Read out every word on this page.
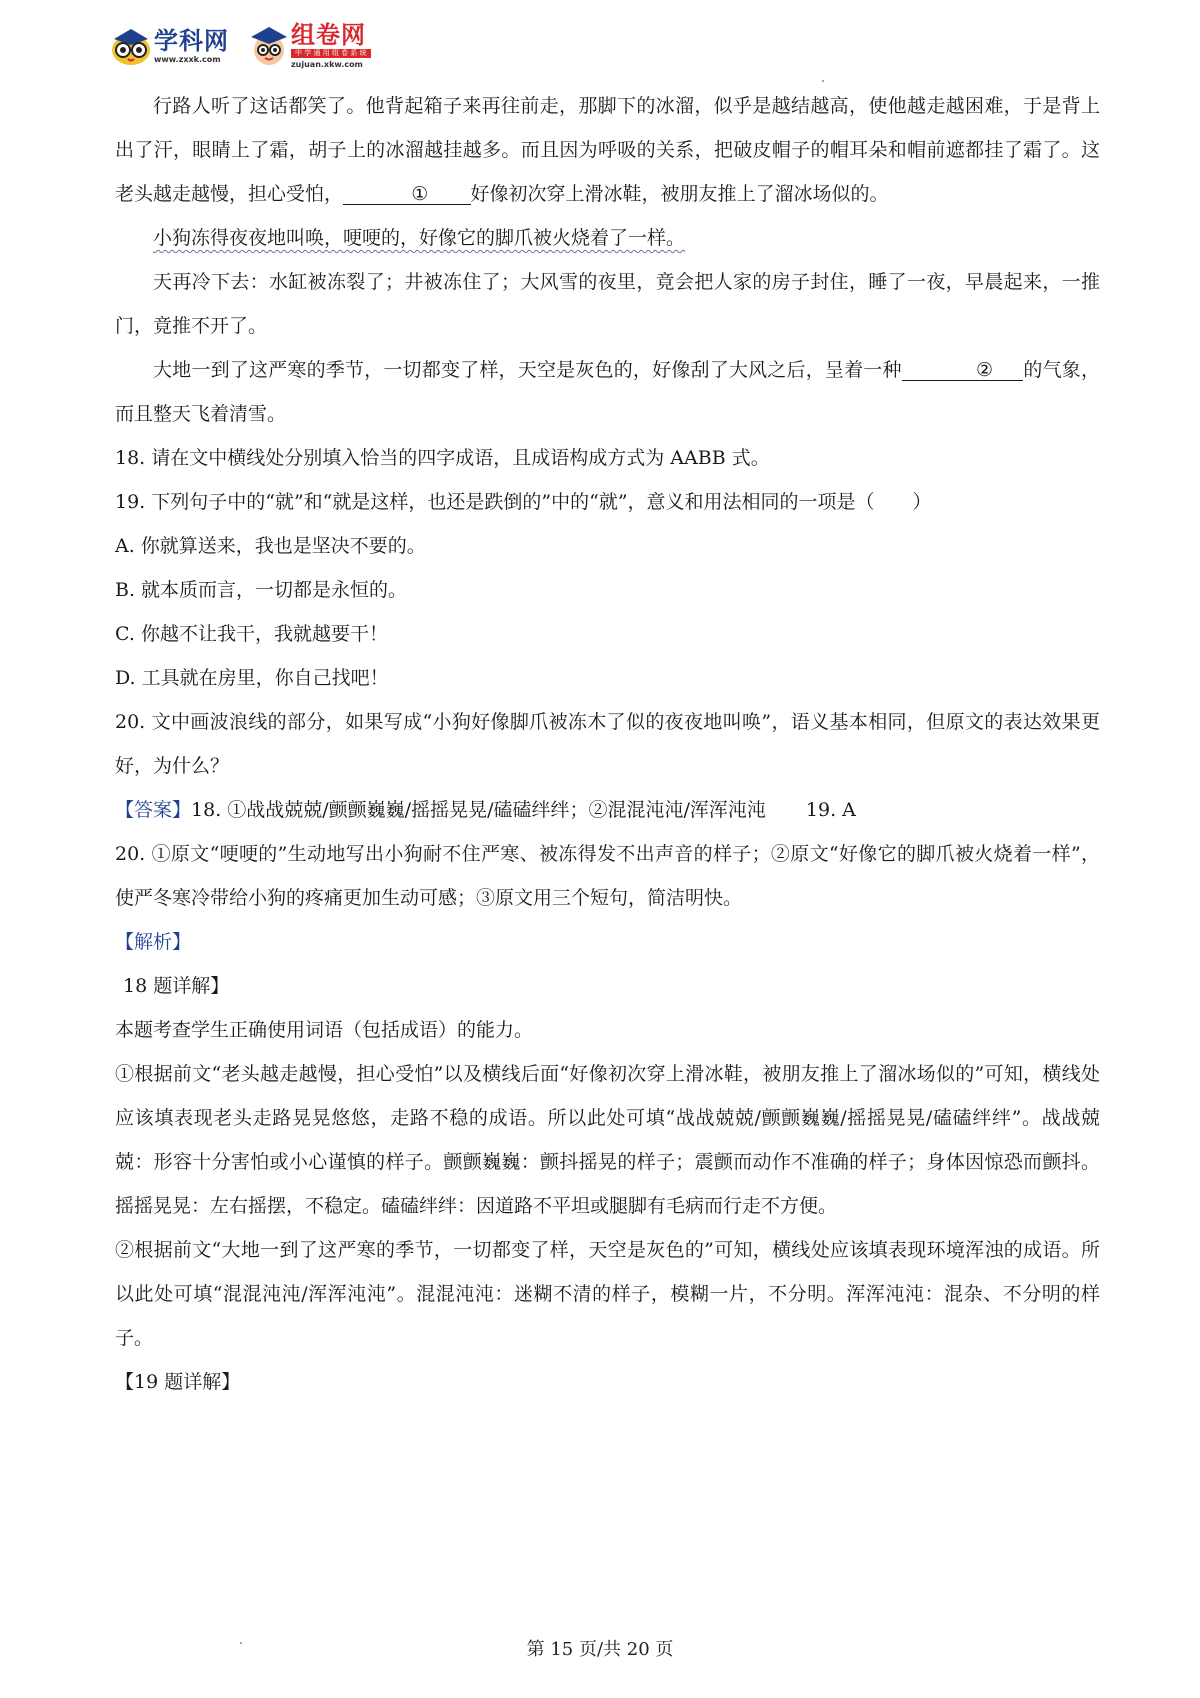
学科网
www.zxxk.com
组卷网
中 学 通 用 组 卷 系 统
zujuan.xkw.com

行路人听了这话都笑了。他背起箱子来再往前走，那脚下的冰溜，似乎是越结越高，使他越走越困难，于是背上出了汗，眼睛上了霜，胡子上的冰溜越挂越多。而且因为呼吸的关系，把破皮帽子的帽耳朵和帽前遮都挂了霜了。这老头越走越慢，担心受怕，	① 好像初次穿上滑冰鞋，被朋友推上了溜冰场似的。

小狗冻得夜夜地叫唤，哽哽的，好像它的脚爪被火烧着了一样。

天再冷下去：水缸被冻裂了；井被冻住了；大风雪的夜里，竟会把人家的房子封住，睡了一夜，早晨起来，一推门，竟推不开了。

大地一到了这严寒的季节，一切都变了样，天空是灰色的，好像刮了大风之后，呈着一种	② 的气象，而且整天飞着清雪。

18. 请在文中横线处分别填入恰当的四字成语，且成语构成方式为 AABB 式。

19. 下列句子中的“就”和“就是这样，也还是跌倒的”中的“就”，意义和用法相同的一项是（　　）

A. 你就算送来，我也是坚决不要的。

B. 就本质而言，一切都是永恒的。

C. 你越不让我干，我就越要干！

D. 工具就在房里，你自己找吧！

20. 文中画波浪线的部分，如果写成“小狗好像脚爪被冻木了似的夜夜地叫唤”，语义基本相同，但原文的表达效果更好，为什么？

【答案】18. ①战战兢兢/颤颤巍巍/摇摇晃晃/磕磕绊绊；②混混沌沌/浑浑沌沌 19. A

20. ①原文“哽哽的”生动地写出小狗耐不住严寒、被冻得发不出声音的样子；②原文“好像它的脚爪被火烧着一样”，使严冬寒冷带给小狗的疼痛更加生动可感；③原文用三个短句，简洁明快。

【解析】

18 题详解】

本题考查学生正确使用词语（包括成语）的能力。

①根据前文“老头越走越慢，担心受怕”以及横线后面“好像初次穿上滑冰鞋，被朋友推上了溜冰场似的”可知，横线处应该填表现老头走路晃晃悠悠，走路不稳的成语。所以此处可填“战战兢兢/颤颤巍巍/摇摇晃晃/磕磕绊绊”。战战兢兢：形容十分害怕或小心谨慎的样子。颤颤巍巍：颤抖摇晃的样子；震颤而动作不准确的样子；身体因惊恐而颤抖。摇摇晃晃：左右摇摆，不稳定。磕磕绊绊：因道路不平坦或腿脚有毛病而行走不方便。

②根据前文“大地一到了这严寒的季节，一切都变了样，天空是灰色的”可知，横线处应该填表现环境浑浊的成语。所以此处可填“混混沌沌/浑浑沌沌”。混混沌沌：迷糊不清的样子，模糊一片，不分明。浑浑沌沌：混杂、不分明的样子。

【19 题详解】

第 15 页/共 20 页
